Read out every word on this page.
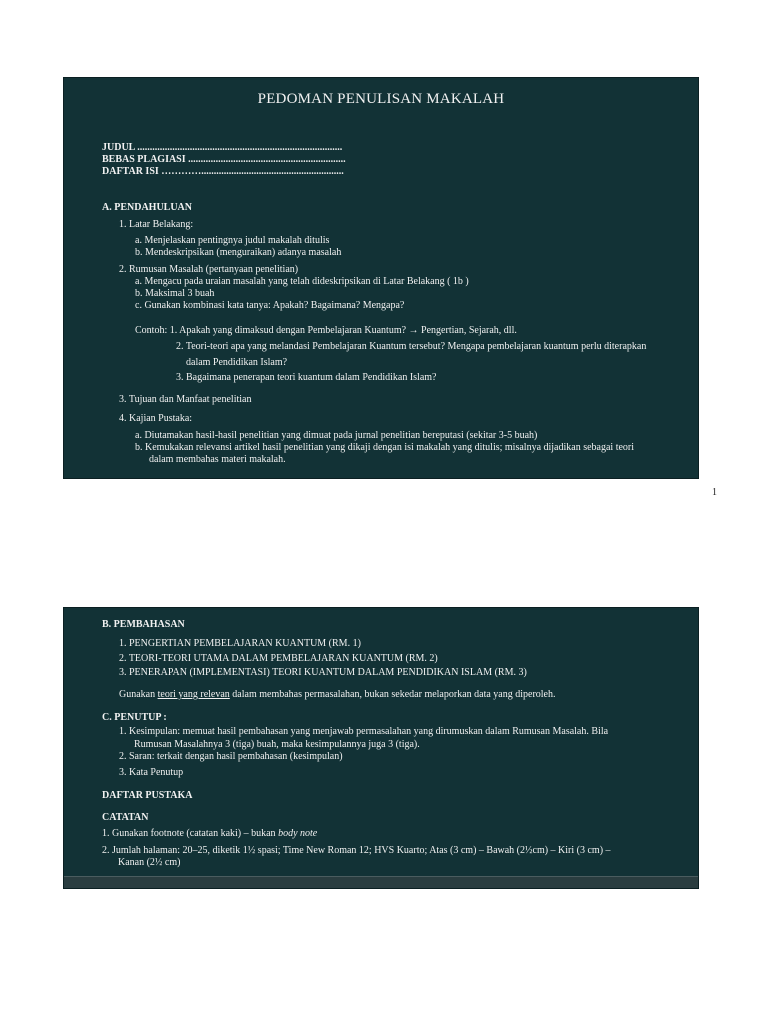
PEDOMAN PENULISAN MAKALAH
JUDUL ..................................................................................
BEBAS PLAGIASI ...............................................................
DAFTAR ISI ………….........................................................
A. PENDAHULUAN
1. Latar Belakang:
a. Menjelaskan pentingnya judul makalah ditulis
b. Mendeskripsikan (menguraikan) adanya masalah
2. Rumusan Masalah (pertanyaan penelitian)
a. Mengacu pada uraian masalah yang telah dideskripsikan di Latar Belakang ( 1b )
b. Maksimal 3 buah
c. Gunakan kombinasi kata tanya: Apakah? Bagaimana? Mengapa?
Contoh: 1. Apakah yang dimaksud dengan Pembelajaran Kuantum? → Pengertian, Sejarah, dll.
2. Teori-teori apa yang melandasi Pembelajaran Kuantum tersebut? Mengapa pembelajaran kuantum perlu diterapkan
dalam Pendidikan Islam?
3. Bagaimana penerapan teori kuantum dalam Pendidikan Islam?
3. Tujuan dan Manfaat penelitian
4. Kajian Pustaka:
a. Diutamakan hasil-hasil penelitian yang dimuat pada jurnal penelitian bereputasi (sekitar 3-5 buah)
b. Kemukakan relevansi artikel hasil penelitian yang dikaji dengan isi makalah yang ditulis; misalnya dijadikan sebagai teori
dalam membahas materi makalah.
1
B. PEMBAHASAN
1. PENGERTIAN PEMBELAJARAN KUANTUM (RM. 1)
2. TEORI-TEORI UTAMA DALAM PEMBELAJARAN KUANTUM (RM. 2)
3. PENERAPAN (IMPLEMENTASI) TEORI KUANTUM DALAM PENDIDIKAN ISLAM (RM. 3)
Gunakan teori yang relevan dalam membahas permasalahan, bukan sekedar melaporkan data yang diperoleh.
C. PENUTUP :
1. Kesimpulan: memuat hasil pembahasan yang menjawab permasalahan yang dirumuskan dalam Rumusan Masalah. Bila
Rumusan Masalahnya 3 (tiga) buah, maka kesimpulannya juga 3 (tiga).
2. Saran: terkait dengan hasil pembahasan (kesimpulan)
3. Kata Penutup
DAFTAR PUSTAKA
CATATAN
1. Gunakan footnote (catatan kaki) – bukan body note
2. Jumlah halaman: 20–25, diketik 1½ spasi; Time New Roman 12; HVS Kuarto; Atas (3 cm) – Bawah (2½cm) – Kiri (3 cm) –
Kanan (2½ cm)
